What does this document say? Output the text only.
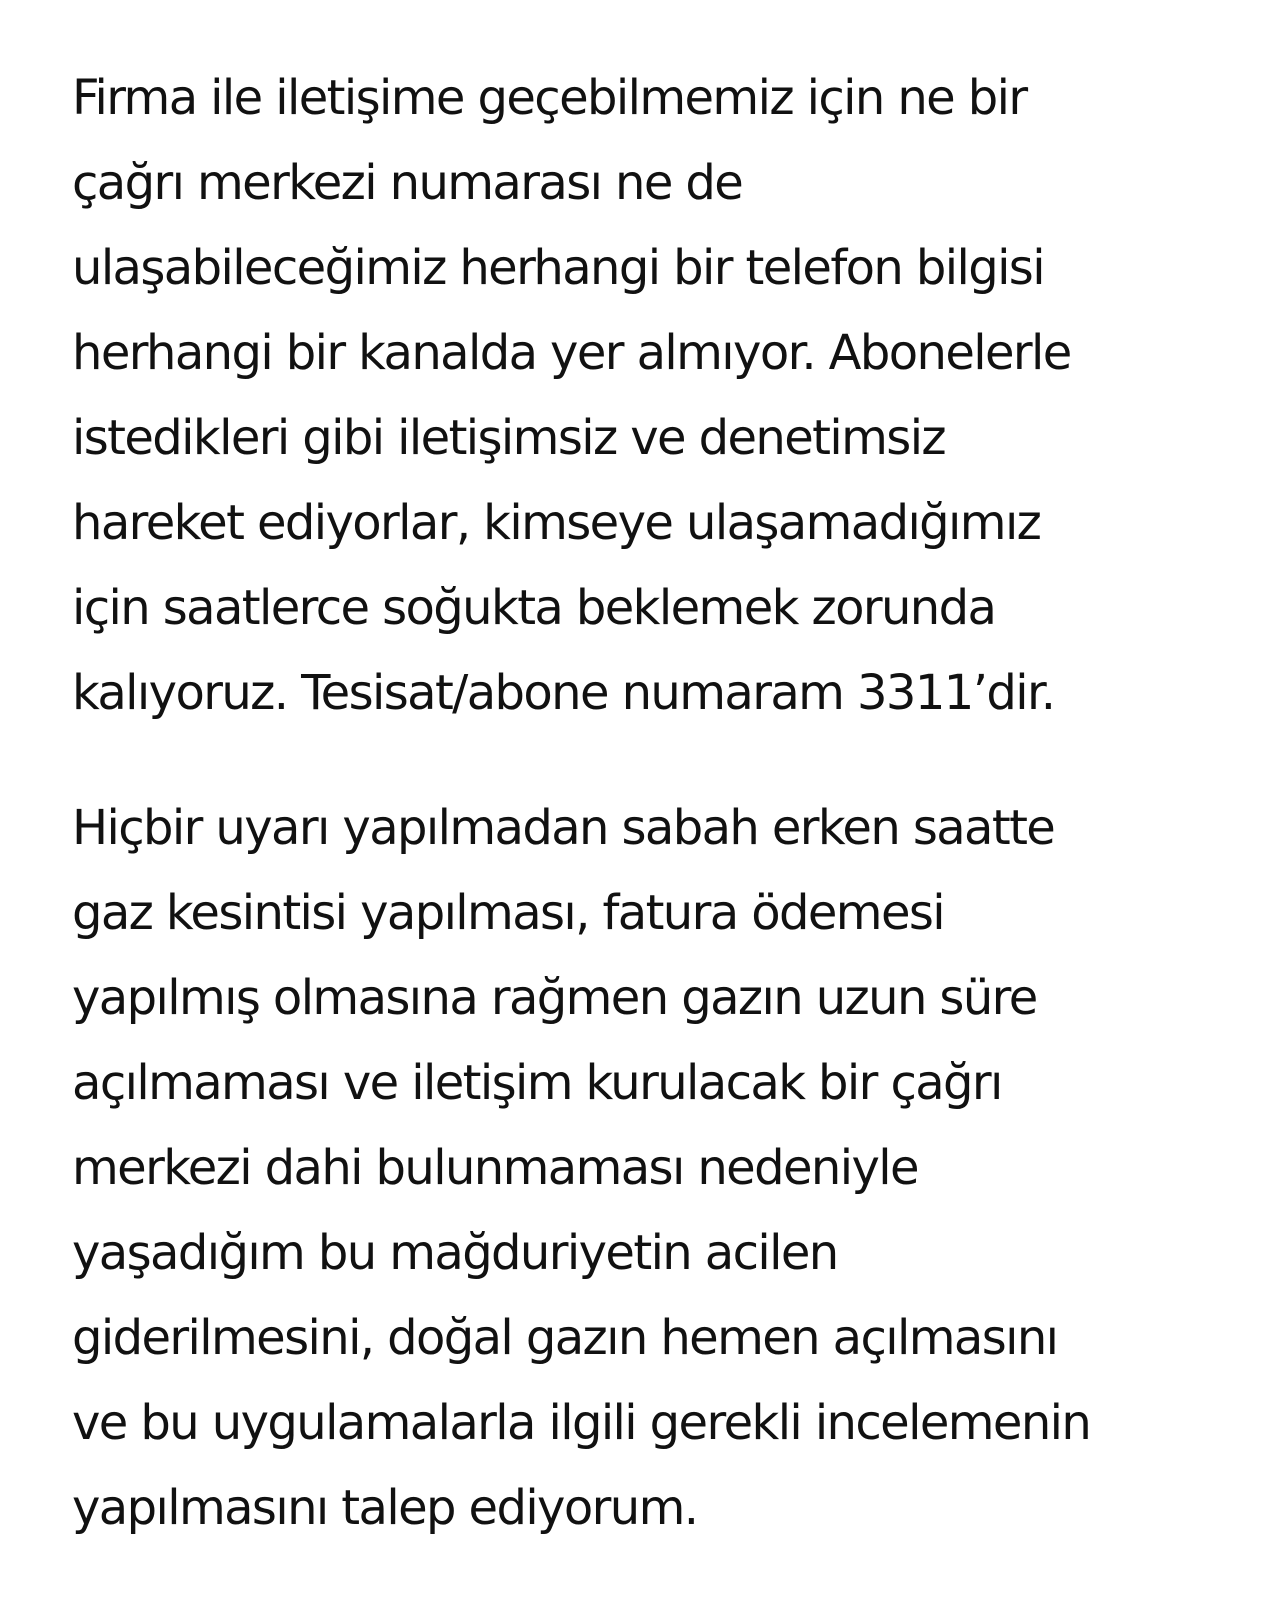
Firma ile iletişime geçebilmemiz için ne bir
çağrı merkezi numarası ne de
ulaşabileceğimiz herhangi bir telefon bilgisi
herhangi bir kanalda yer almıyor. Abonelerle
istedikleri gibi iletişimsiz ve denetimsiz
hareket ediyorlar, kimseye ulaşamadığımız
için saatlerce soğukta beklemek zorunda
kalıyoruz. Tesisat/abone numaram 3311’dir.

Hiçbir uyarı yapılmadan sabah erken saatte
gaz kesintisi yapılması, fatura ödemesi
yapılmış olmasına rağmen gazın uzun süre
açılmaması ve iletişim kurulacak bir çağrı
merkezi dahi bulunmaması nedeniyle
yaşadığım bu mağduriyetin acilen
giderilmesini, doğal gazın hemen açılmasını
ve bu uygulamalarla ilgili gerekli incelemenin
yapılmasını talep ediyorum.
